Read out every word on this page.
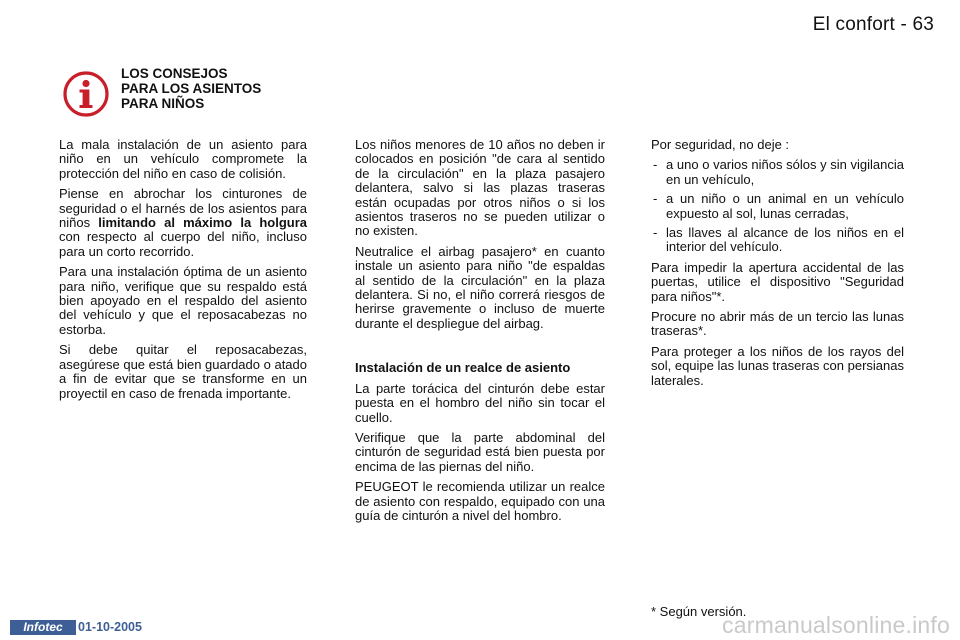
El confort - 63
LOS CONSEJOS
PARA LOS ASIENTOS
PARA NIÑOS

La mala instalación de un asiento para niño en un vehículo compromete la protección del niño en caso de colisión.

Piense en abrochar los cinturones de seguridad o el harnés de los asientos para niños limitando al máximo la holgura con respecto al cuerpo del niño, incluso para un corto recorrido.

Para una instalación óptima de un asiento para niño, verifique que su respaldo está bien apoyado en el respaldo del asiento del vehículo y que el reposacabezas no estorba.

Si debe quitar el reposacabezas, asegúrese que está bien guardado o atado a fin de evitar que se transforme en un proyectil en caso de frenada importante.

Los niños menores de 10 años no deben ir colocados en posición "de cara al sentido de la circulación" en la plaza pasajero delantera, salvo si las plazas traseras están ocupadas por otros niños o si los asientos traseros no se pueden utilizar o no existen.

Neutralice el airbag pasajero* en cuanto instale un asiento para niño "de espaldas al sentido de la circulación" en la plaza delantera. Si no, el niño correrá riesgos de herirse gravemente o incluso de muerte durante el despliegue del airbag.

Instalación de un realce de asiento

La parte torácica del cinturón debe estar puesta en el hombro del niño sin tocar el cuello.

Verifique que la parte abdominal del cinturón de seguridad está bien puesta por encima de las piernas del niño.

PEUGEOT le recomienda utilizar un realce de asiento con respaldo, equipado con una guía de cinturón a nivel del hombro.

Por seguridad, no deje :

- a uno o varios niños sólos y sin vigilancia en un vehículo,
- a un niño o un animal en un vehículo expuesto al sol, lunas cerradas,
- las llaves al alcance de los niños en el interior del vehículo.

Para impedir la apertura accidental de las puertas, utilice el dispositivo "Seguridad para niños"*.

Procure no abrir más de un tercio las lunas traseras*.

Para proteger a los niños de los rayos del sol, equipe las lunas traseras con persianas laterales.

* Según versión.
Infotec	01-10-2005	carmanualsonline.info
